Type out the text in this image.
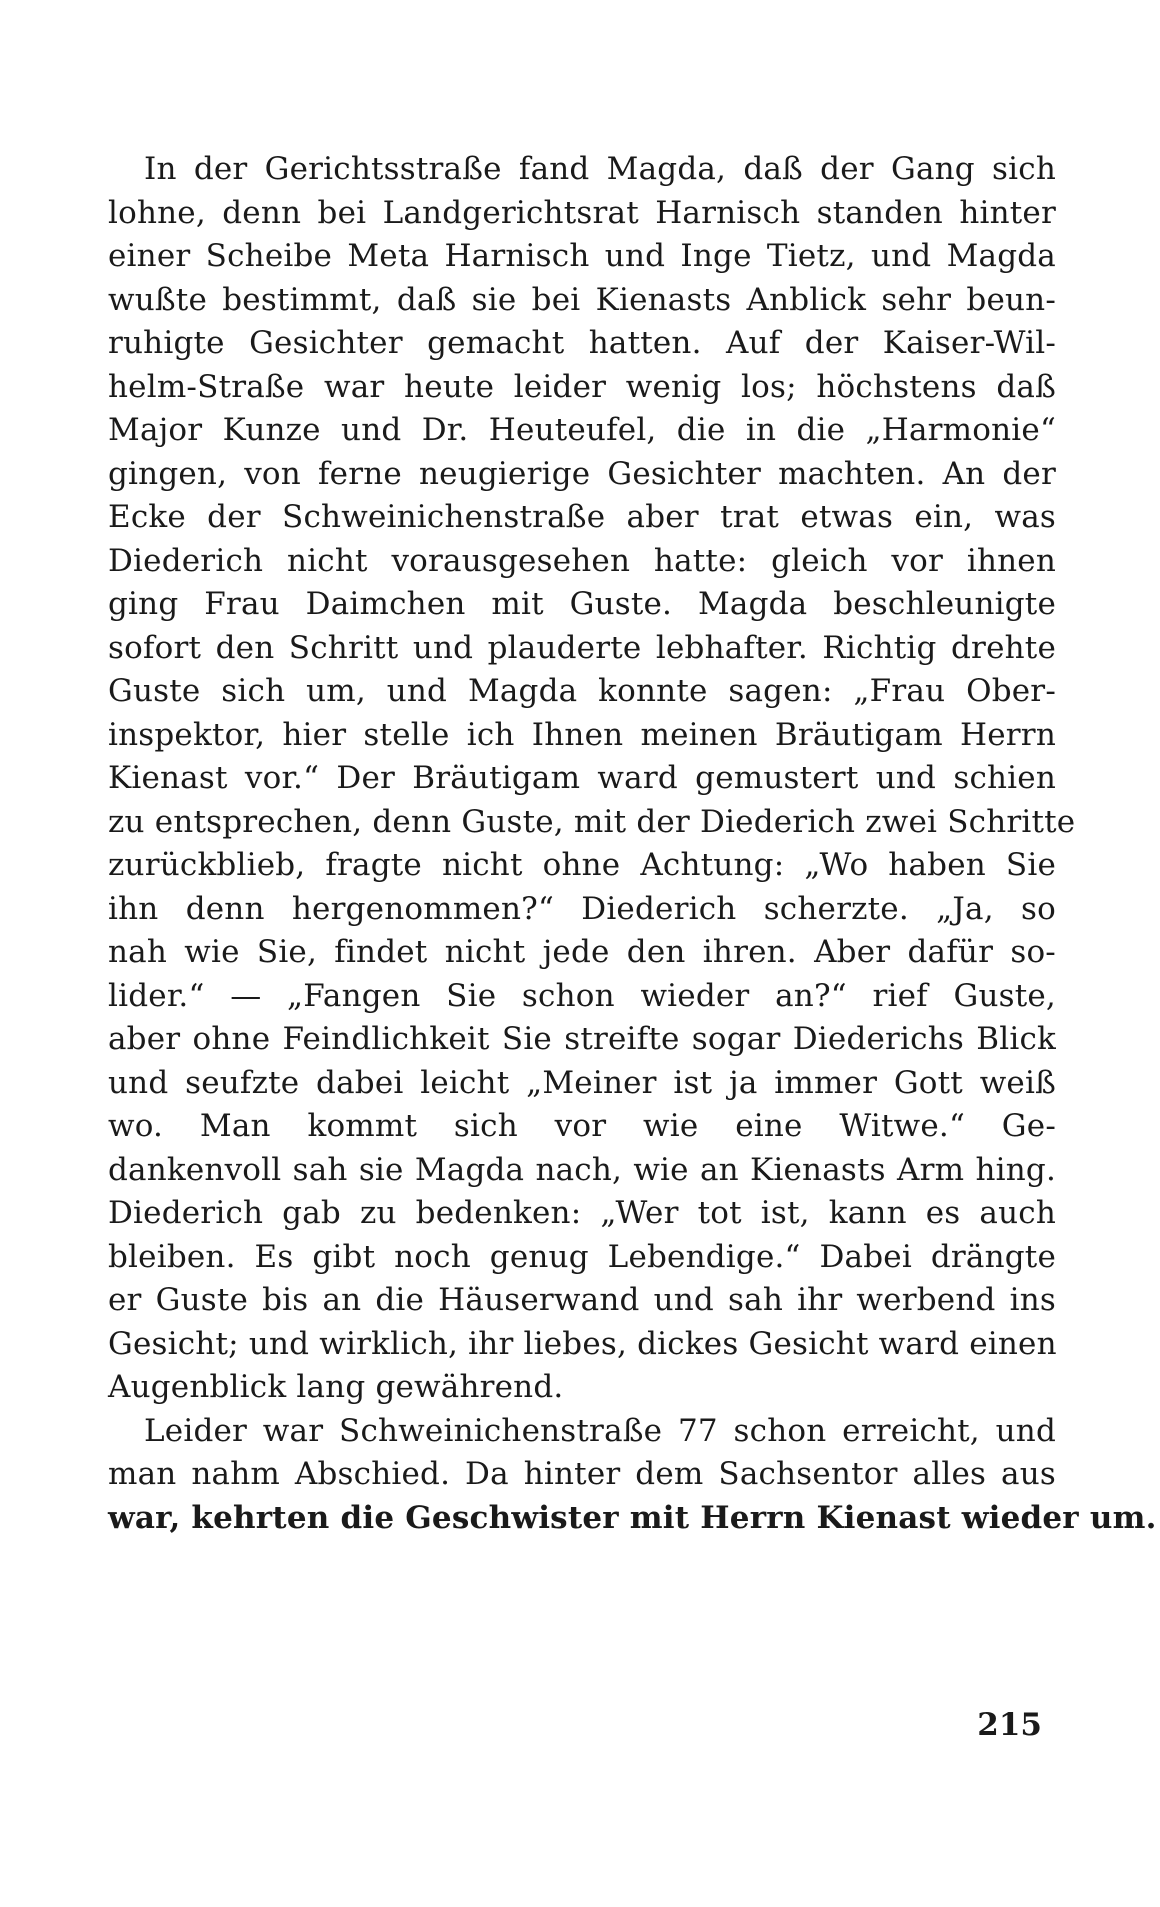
In der Gerichtsstraße fand Magda, daß der Gang sich
lohne, denn bei Landgerichtsrat Harnisch standen hinter
einer Scheibe Meta Harnisch und Inge Tietz, und Magda
wußte bestimmt, daß sie bei Kienasts Anblick sehr beun-
ruhigte Gesichter gemacht hatten. Auf der Kaiser-Wil-
helm-Straße war heute leider wenig los; höchstens daß
Major Kunze und Dr. Heuteufel, die in die „Harmonie“
gingen, von ferne neugierige Gesichter machten. An der
Ecke der Schweinichenstraße aber trat etwas ein, was
Diederich nicht vorausgesehen hatte: gleich vor ihnen
ging Frau Daimchen mit Guste. Magda beschleunigte
sofort den Schritt und plauderte lebhafter. Richtig drehte
Guste sich um, und Magda konnte sagen: „Frau Ober-
inspektor, hier stelle ich Ihnen meinen Bräutigam Herrn
Kienast vor.“ Der Bräutigam ward gemustert und schien
zu entsprechen, denn Guste, mit der Diederich zwei Schritte
zurückblieb, fragte nicht ohne Achtung: „Wo haben Sie
ihn denn hergenommen?“ Diederich scherzte. „Ja, so
nah wie Sie, findet nicht jede den ihren. Aber dafür so-
lider.“ — „Fangen Sie schon wieder an?“ rief Guste,
aber ohne Feindlichkeit Sie streifte sogar Diederichs Blick
und seufzte dabei leicht „Meiner ist ja immer Gott weiß
wo. Man kommt sich vor wie eine Witwe.“ Ge-
dankenvoll sah sie Magda nach, wie an Kienasts Arm hing.
Diederich gab zu bedenken: „Wer tot ist, kann es auch
bleiben. Es gibt noch genug Lebendige.“ Dabei drängte
er Guste bis an die Häuserwand und sah ihr werbend ins
Gesicht; und wirklich, ihr liebes, dickes Gesicht ward einen
Augenblick lang gewährend.
Leider war Schweinichenstraße 77 schon erreicht, und
man nahm Abschied. Da hinter dem Sachsentor alles aus
war, kehrten die Geschwister mit Herrn Kienast wieder um.
215
